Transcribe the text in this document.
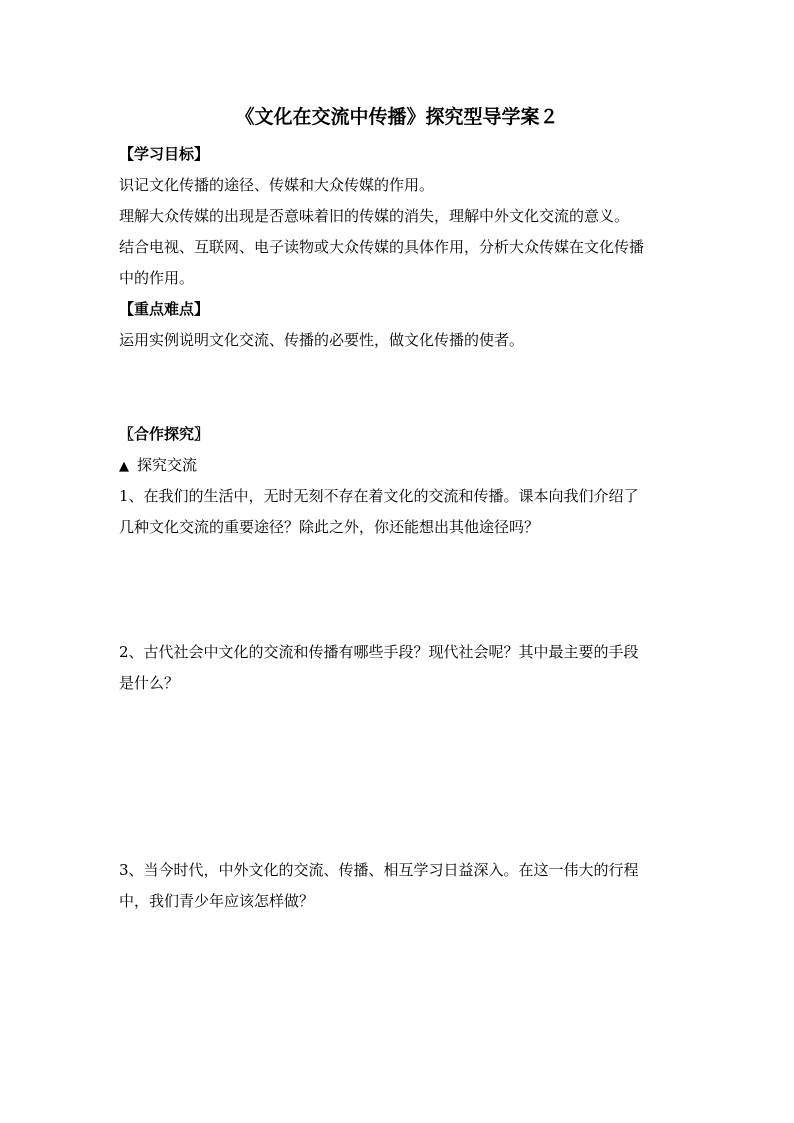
《文化在交流中传播》探究型导学案２
【学习目标】
识记文化传播的途径、传媒和大众传媒的作用。
理解大众传媒的出现是否意味着旧的传媒的消失，理解中外文化交流的意义。
结合电视、互联网、电子读物或大众传媒的具体作用，分析大众传媒在文化传播
中的作用。
【重点难点】
运用实例说明文化交流、传播的必要性，做文化传播的使者。
〖合作探究〗
▲ 探究交流
1、在我们的生活中，无时无刻不存在着文化的交流和传播。课本向我们介绍了
几种文化交流的重要途径？除此之外，你还能想出其他途径吗？
2、古代社会中文化的交流和传播有哪些手段？现代社会呢？其中最主要的手段
是什么？
3、当今时代，中外文化的交流、传播、相互学习日益深入。在这一伟大的行程
中，我们青少年应该怎样做？
